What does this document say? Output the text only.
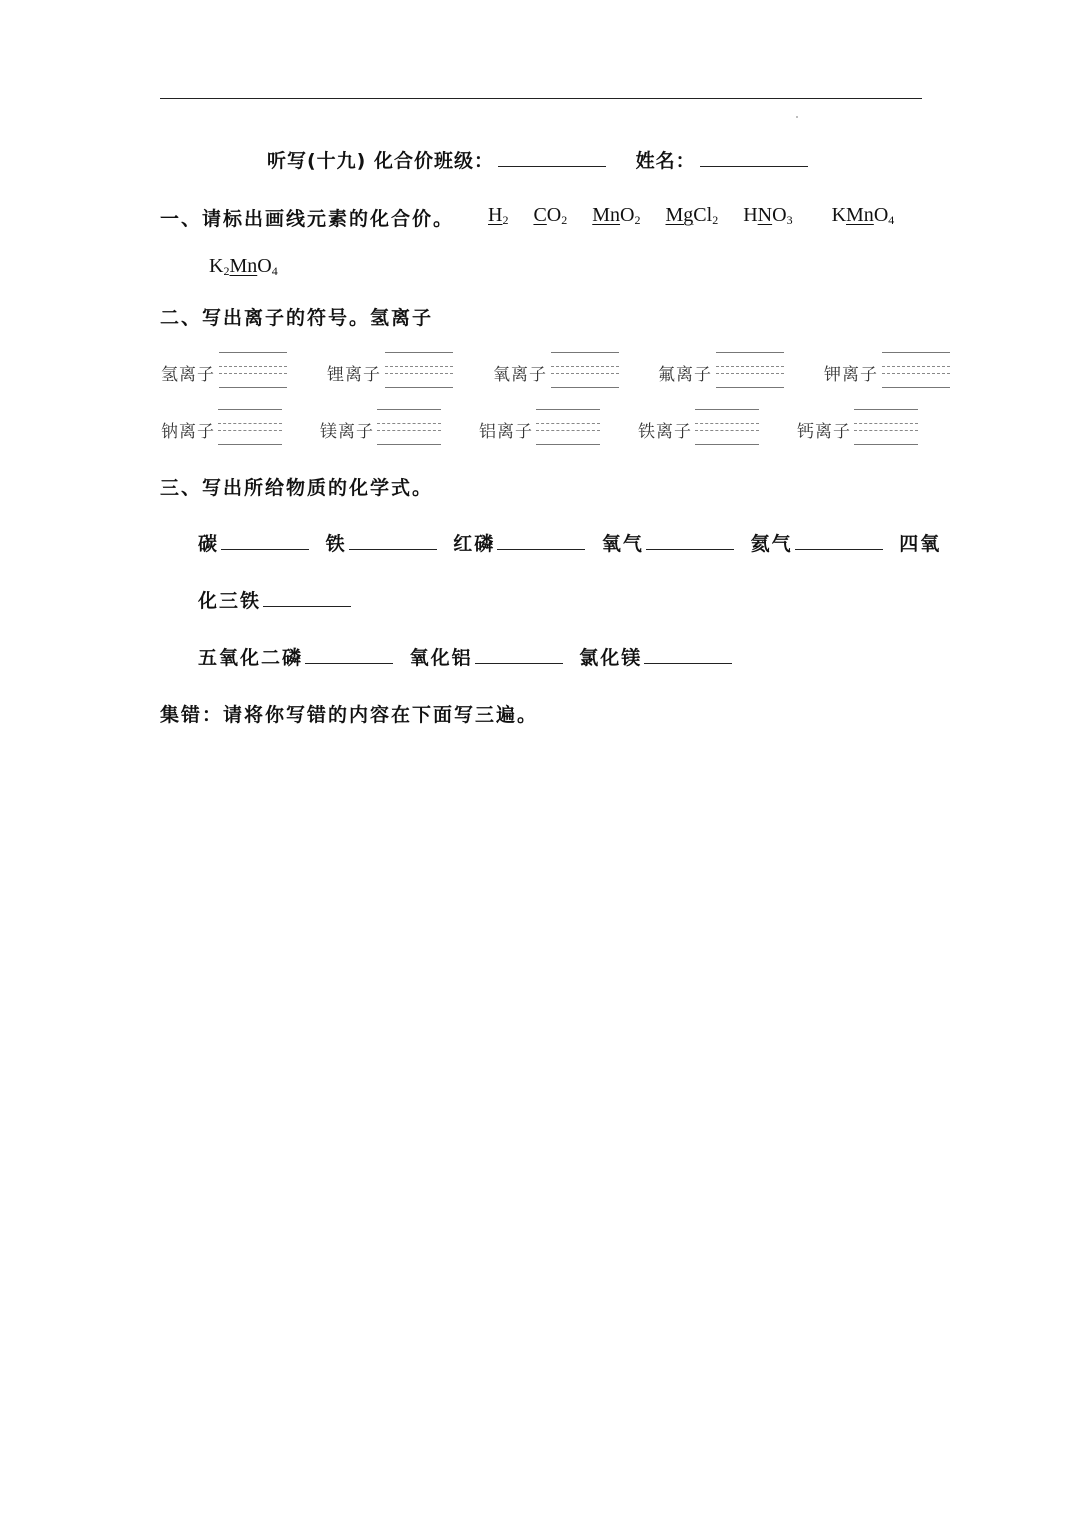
听写(十九) 化合价班级：	姓名：
一、请标出画线元素的化合价。 $H_2$ $CO_2$ MnO$_2$ MgCl$_2$ $HNO_3$ KMnO$_4$
$K_2MnO_4$
二、写出离子的符号。氢离子
氢离子	锂离子	氧离子	氟离子	钾离子
钠离子	镁离子	铝离子	铁离子	钙离子
三、写出所给物质的化学式。
碳	铁	红磷	氧气	氦气	四氧
化三铁
五氧化二磷	氧化铝	氯化镁
集错：请将你写错的内容在下面写三遍。
